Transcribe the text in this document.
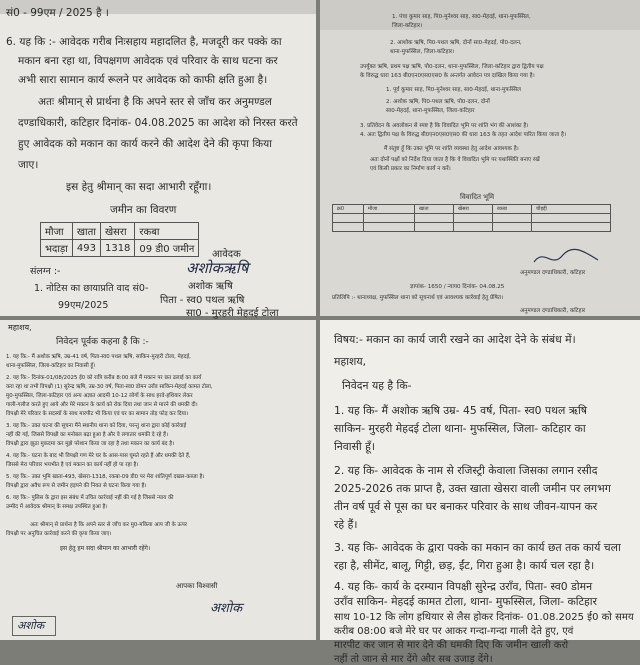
सं0 - 99एम / 2025 है ।
6. यह कि :- आवेदक गरीब निःसहाय महादलित है, मजदूरी कर पक्के का
मकान बना रहा था, विपक्षगण आवेदक एवं परिवार के साथ घटना कर
अभी सारा सामान कार्य रूलने पर आवेदक को काफी क्षति हुआ है।
अतः श्रीमान् से प्रार्थना है कि अपने स्तर से जाँच कर अनुमण्डल
दण्डाधिकारी, कटिहार दिनांक- 04.08.2025 का आदेश को निरस्त करते
हुए आवेदक को मकान का कार्य करने की आदेश देने की कृपा किया
जाए।
इस हेतु श्रीमान् का सदा आभारी रहूँगा।
जमीन का विवरण
मौजा	खाता	खेसरा	रकबा
भदाड़ा	493	1318	09 डी0 जमीन
संलग्न :-
1. नोटिस का छायाप्रति वाद सं0-
99एम/2025
आवेदक
अशोकऋषि
अशोक ऋषि
पिता - स्व0 पथल ऋषि
सा0 - मुरहरी मेहदई टोला
1. पंचा कुमार साह, पि0-मुनेश्वर साह, सा0-मेहदई, थाना-मुफस्सिल,
जिला-कटिहार।
2. आशोक ऋषि, पि0-पथल ऋषि, दोनों सा0-मेहदई, पो0-दलन,
थाना-मुफस्सिल, जिला-कटिहार।
उपर्युक्त ऋषि, प्रथम पक्ष ऋषि, पो0-दलन, थाना-मुफस्सिल, जिला-कटिहार द्वारा द्वितीय पक्ष
के विरुद्ध धारा 163 बी0एन0एस0एस0 के अन्तर्गत आवेदन पत्र दाखिल किया गया है।
1. पूर्व कुमार साह, पि0-मुनेश्वर साह, सा0-मेहदई, थाना-मुफस्सिल
2. अशोक ऋषि, पि0-पथल ऋषि, पो0-दलन, दोनों
सा0-मेहदई, थाना-मुफस्सिल, जिला-कटिहार
3. प्रतिवेदन के अवलोकन से स्पष्ट है कि विवादित भूमि पर शांति भंग की आशंका है।
4. अतः द्वितीय पक्ष के विरुद्ध बी0एन0एस0एस0 की धारा 163 के तहत आदेश पारित किया जाता है।
मैं संतुष्ट हूँ कि उक्त भूमि पर शांति व्यवस्था हेतु आदेश आवश्यक है।
अतः दोनों पक्षों को निर्देश दिया जाता है कि वे विवादित भूमि पर यथास्थिति बनाए रखें
एवं किसी प्रकार का निर्माण कार्य न करें।
विवादित भूमि
क्र0	मौजा	खाता	खेसरा	रकबा	चौहद्दी

अनुमण्डल दण्डाधिकारी, कटिहार
ज्ञापांक- 1650 / न्याय0 दिनांक- 04.08.25
प्रतिलिपि :- थानाध्यक्ष, मुफस्सिल थाना को सूचनार्थ एवं आवश्यक कार्रवाई हेतु प्रेषित।
अनुमण्डल दण्डाधिकारी, कटिहार
महाशय,
निवेदन पूर्वक कहना है कि :-
1. यह कि:- मैं अशोक ऋषि, उम्र-41 वर्ष, पिता-स्व0 पथल ऋषि, साकिन-मुरहरी टोला, मेहदई,
थाना-मुफस्सिल, जिला-कटिहार का निवासी हूँ।
2. यह कि:- दिनांक-01/08/2025 ई0 को रात्रि करीब 8:00 बजे मैं मकान पर छत ढलाई का कार्य
करा रहा था तभी विपक्षी (1) सुरेन्द्र ऋषि, उम्र-30 वर्ष, पिता-स्व0 डोमन उराँव साकिन-मेहदई कामत टोला,
मु0-मुफस्सिल, जिला-कटिहार एवं अन्य अज्ञात आदमी 10-12 लोगों के साथ हरवे-हथियार लेकर
गाली-गलौज करते हुए आये और मेरे मकान के कार्य को रोक दिया तथा जान से मारने की धमकी दी।
विपक्षी मेरे परिवार के सदस्यों के साथ मारपीट भी किया एवं घर का सामान तोड़ फोड़ कर दिया।
3. यह कि:- उक्त घटना की सूचना मैंने स्थानीय थाना को दिया, परन्तु थाना द्वारा कोई कार्रवाई
नहीं की गई, जिससे विपक्षी का मनोबल बढ़ा हुआ है और वे लगातार धमकी दे रहे हैं।
विपक्षी द्वारा झूठा मुकदमा कर मुझे परेशान किया जा रहा है तथा मकान का कार्य बंद है।
4. यह कि:- घटना के बाद भी विपक्षी गण मेरे घर के आस-पास घूमते रहते हैं और धमकी देते हैं,
जिससे मेरा परिवार भयभीत है एवं मकान का कार्य नहीं हो पा रहा है।
5. यह कि:- उक्त भूमि खाता-493, खेसरा-1318, रकबा-09 डी0 पर मेरा शांतिपूर्ण दखल-कब्जा है।
विपक्षी द्वारा अवैध रूप से जमीन हड़पने की नियत से घटना किया गया है।
6. यह कि:- पुलिस के द्वारा इस संबंध में उचित कार्रवाई नहीं की गई है जिससे न्याय की
उम्मीद में आवेदक श्रीमान् के समक्ष उपस्थित हुआ है।
अतः श्रीमान् से प्रार्थना है कि अपने स्तर से जाँच कर मु0-मकिया आप जी के ऊपर
विपक्षी पर अनुचित कार्रवाई करने की कृपा किया जाए।
इस हेतु हम सदा श्रीमान का आभारी रहेंगे।
आपका विश्वासी
अशोक
अशोक
विषय:- मकान का कार्य जारी रखने का आदेश देने के संबंध में।
महाशय,
निवेदन यह है कि-
1. यह कि- मैं अशोक ऋषि उम्र- 45 वर्ष, पिता- स्व0 पथल ऋषि
साकिन- मुरहरी मेहदई टोला थाना- मुफस्सिल, जिला- कटिहार का
निवासी हूँ।
2. यह कि- आवेदक के नाम से रजिस्ट्री केवाला जिसका लगान रसीद
2025-2026 तक प्राप्त है, उक्त खाता खेसरा वाली जमीन पर लगभग
तीन वर्ष पूर्व से पूस का घर बनाकर परिवार के साथ जीवन-यापन कर
रहे हैं।
3. यह कि- आवेदक के द्वारा पक्के का मकान का कार्य छत तक कार्य चला
रहा है, सीमेंट, बालू, गिट्टी, छड़, ईंट, गिरा हुआ है। कार्य चल रहा है।
4. यह कि- कार्य के दरम्यान विपक्षी सुरेन्द्र उराँव, पिता- स्व0 डोमन
उराँव साकिन- मेहदई कामत टोला, थाना- मुफस्सिल, जिला- कटिहार
साथ 10-12 कि लोग हथियार से लैस होकर दिनांक- 01.08.2025 ई0 को समय
करीब 08:00 बजे मेरे घर पर आकर गन्दा-गन्दा गाली देते हुए, एवं
मारपीट कर जान से मार देने की धमकी दिए कि जमीन खाली करो
नहीं तो जान से मार देंगे और सब उजाड़ देंगे।
